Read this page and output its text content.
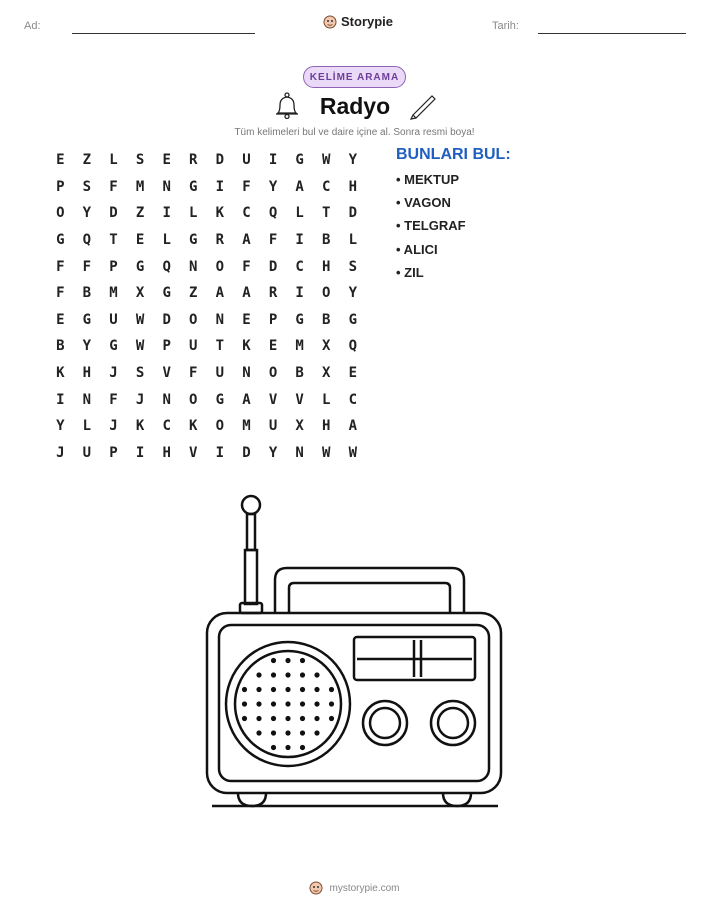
Ad:	Storypie	Tarih:
KELİME ARAMA
Radyo
Tüm kelimeleri bul ve daire içine al. Sonra resmi boya!
E	Z	L	S	E	R	D	U	I	G	W	Y
P	S	F	M	N	G	I	F	Y	A	C	H
O	Y	D	Z	I	L	K	C	Q	L	T	D
G	Q	T	E	L	G	R	A	F	I	B	L
F	F	P	G	Q	N	O	F	D	C	H	S
F	B	M	X	G	Z	A	A	R	I	O	Y
E	G	U	W	D	O	N	E	P	G	B	G
B	Y	G	W	P	U	T	K	E	M	X	Q
K	H	J	S	V	F	U	N	O	B	X	E
I	N	F	J	N	O	G	A	V	V	L	C
Y	L	J	K	C	K	O	M	U	X	H	A
J	U	P	I	H	V	I	D	Y	N	W	W
BUNLARI BUL:
• MEKTUP
• VAGON
• TELGRAF
• ALICI
• ZIL
mystorypie.com
